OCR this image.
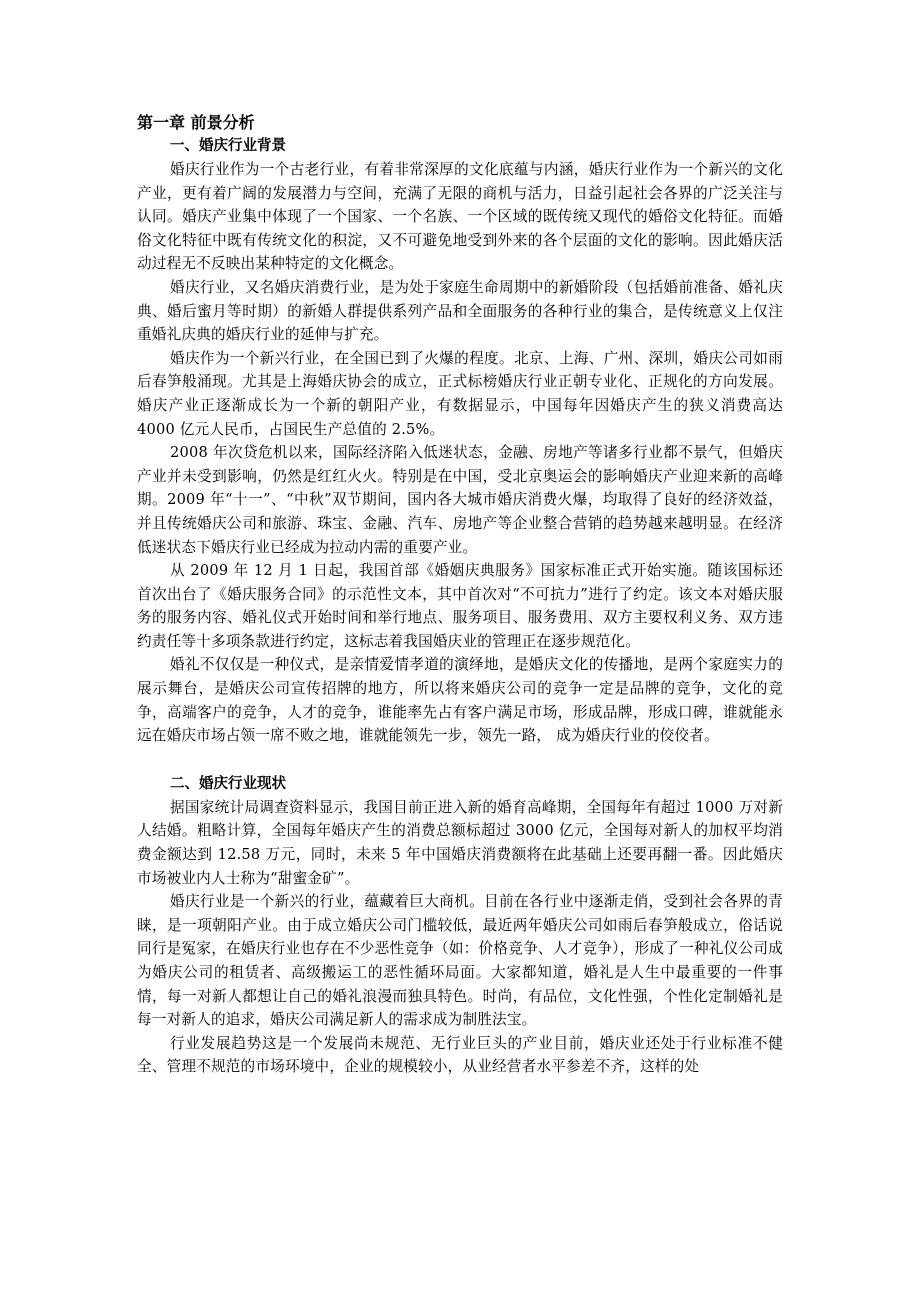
第一章 前景分析
一、婚庆行业背景

婚庆行业作为一个古老行业，有着非常深厚的文化底蕴与内涵，婚庆行业作为一个新兴的文化产业，更有着广阔的发展潜力与空间，充满了无限的商机与活力，日益引起社会各界的广泛关注与认同。婚庆产业集中体现了一个国家、一个名族、一个区域的既传统又现代的婚俗文化特征。而婚俗文化特征中既有传统文化的积淀，又不可避免地受到外来的各个层面的文化的影响。因此婚庆活动过程无不反映出某种特定的文化概念。

婚庆行业，又名婚庆消费行业，是为处于家庭生命周期中的新婚阶段（包括婚前准备、婚礼庆典、婚后蜜月等时期）的新婚人群提供系列产品和全面服务的各种行业的集合，是传统意义上仅注重婚礼庆典的婚庆行业的延伸与扩充。

婚庆作为一个新兴行业，在全国已到了火爆的程度。北京、上海、广州、深圳，婚庆公司如雨后春笋般涌现。尤其是上海婚庆协会的成立，正式标榜婚庆行业正朝专业化、正规化的方向发展。 婚庆产业正逐渐成长为一个新的朝阳产业，有数据显示，中国每年因婚庆产生的狭义消费高达 4000 亿元人民币，占国民生产总值的 2.5%。

2008 年次贷危机以来，国际经济陷入低迷状态，金融、房地产等诸多行业都不景气，但婚庆产业并未受到影响，仍然是红红火火。特别是在中国，受北京奥运会的影响婚庆产业迎来新的高峰期。2009 年“十一”、“中秋”双节期间，国内各大城市婚庆消费火爆，均取得了良好的经济效益，并且传统婚庆公司和旅游、珠宝、金融、汽车、房地产等企业整合营销的趋势越来越明显。在经济低迷状态下婚庆行业已经成为拉动内需的重要产业。

从 2009 年 12 月 1 日起，我国首部《婚姻庆典服务》国家标准正式开始实施。随该国标还首次出台了《婚庆服务合同》的示范性文本，其中首次对“不可抗力”进行了约定。该文本对婚庆服务的服务内容、婚礼仪式开始时间和举行地点、服务项目、服务费用、双方主要权利义务、双方违约责任等十多项条款进行约定，这标志着我国婚庆业的管理正在逐步规范化。

婚礼不仅仅是一种仪式，是亲情爱情孝道的演绎地，是婚庆文化的传播地，是两个家庭实力的展示舞台，是婚庆公司宣传招牌的地方，所以将来婚庆公司的竞争一定是品牌的竞争，文化的竞争，高端客户的竞争，人才的竞争，谁能率先占有客户满足市场，形成品牌，形成口碑，谁就能永远在婚庆市场占领一席不败之地，谁就能领先一步，领先一路， 成为婚庆行业的佼佼者。

二、婚庆行业现状

据国家统计局调查资料显示，我国目前正进入新的婚育高峰期，全国每年有超过 1000 万对新人结婚。粗略计算，全国每年婚庆产生的消费总额标超过 3000 亿元，全国每对新人的加权平均消费金额达到 12.58 万元，同时，未来 5 年中国婚庆消费额将在此基础上还要再翻一番。因此婚庆市场被业内人士称为“甜蜜金矿”。

婚庆行业是一个新兴的行业，蕴藏着巨大商机。目前在各行业中逐渐走俏，受到社会各界的青睐，是一项朝阳产业。由于成立婚庆公司门槛较低，最近两年婚庆公司如雨后春笋般成立，俗话说同行是冤家，在婚庆行业也存在不少恶性竞争（如：价格竞争、人才竞争），形成了一种礼仪公司成为婚庆公司的租赁者、高级搬运工的恶性循环局面。大家都知道，婚礼是人生中最重要的一件事情，每一对新人都想让自己的婚礼浪漫而独具特色。时尚，有品位，文化性强，个性化定制婚礼是每一对新人的追求，婚庆公司满足新人的需求成为制胜法宝。

行业发展趋势这是一个发展尚未规范、无行业巨头的产业目前，婚庆业还处于行业标准不健全、管理不规范的市场环境中，企业的规模较小，从业经营者水平参差不齐，这样的处
